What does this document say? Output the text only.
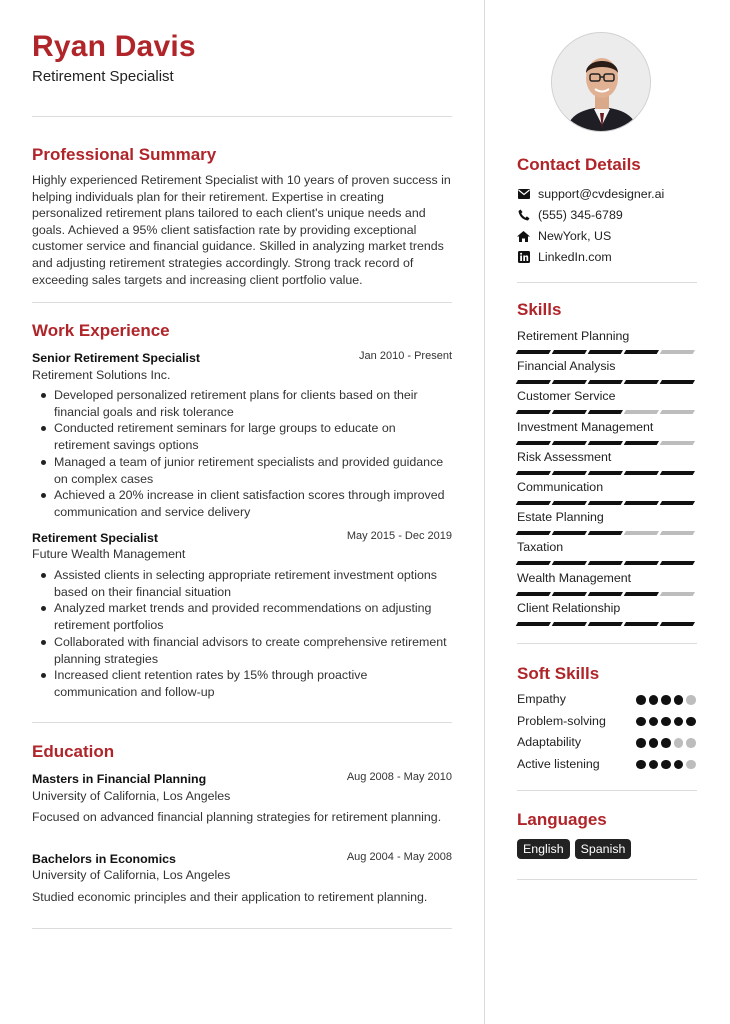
Ryan Davis
Retirement Specialist
Professional Summary
Highly experienced Retirement Specialist with 10 years of proven success in helping individuals plan for their retirement. Expertise in creating personalized retirement plans tailored to each client's unique needs and goals. Achieved a 95% client satisfaction rate by providing exceptional customer service and financial guidance. Skilled in analyzing market trends and adjusting retirement strategies accordingly. Strong track record of exceeding sales targets and increasing client portfolio value.
Work Experience
Senior Retirement Specialist	Jan 2010 - Present
Retirement Solutions Inc.
Developed personalized retirement plans for clients based on their financial goals and risk tolerance
Conducted retirement seminars for large groups to educate on retirement savings options
Managed a team of junior retirement specialists and provided guidance on complex cases
Achieved a 20% increase in client satisfaction scores through improved communication and service delivery
Retirement Specialist	May 2015 - Dec 2019
Future Wealth Management
Assisted clients in selecting appropriate retirement investment options based on their financial situation
Analyzed market trends and provided recommendations on adjusting retirement portfolios
Collaborated with financial advisors to create comprehensive retirement planning strategies
Increased client retention rates by 15% through proactive communication and follow-up
Education
Masters in Financial Planning	Aug 2008 - May 2010
University of California, Los Angeles
Focused on advanced financial planning strategies for retirement planning.
Bachelors in Economics	Aug 2004 - May 2008
University of California, Los Angeles
Studied economic principles and their application to retirement planning.
Contact Details
support@cvdesigner.ai
(555) 345-6789
NewYork, US
LinkedIn.com
Skills
Retirement Planning
Financial Analysis
Customer Service
Investment Management
Risk Assessment
Communication
Estate Planning
Taxation
Wealth Management
Client Relationship
Soft Skills
Empathy
Problem-solving
Adaptability
Active listening
Languages
English	Spanish
